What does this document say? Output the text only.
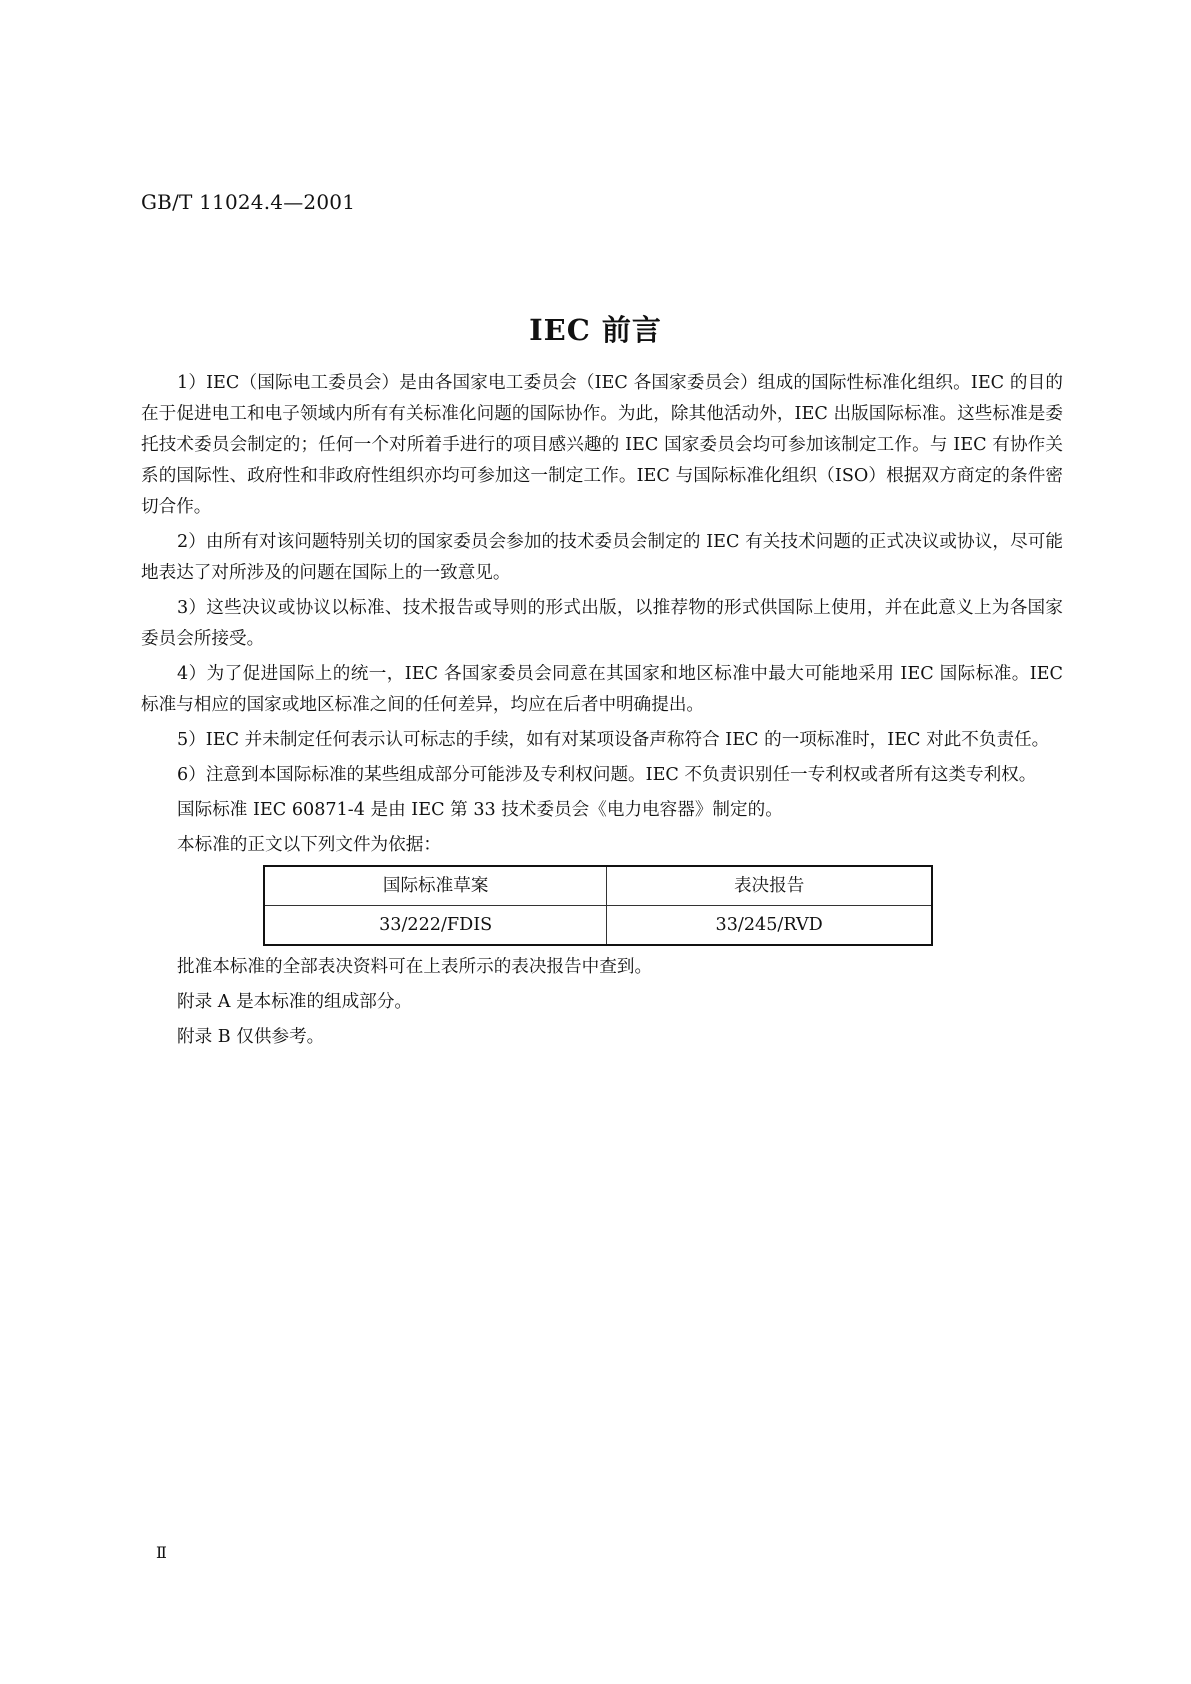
GB/T 11024.4—2001
IEC 前言

1）IEC（国际电工委员会）是由各国家电工委员会（IEC 各国家委员会）组成的国际性标准化组织。IEC 的目的在于促进电工和电子领域内所有有关标准化问题的国际协作。为此，除其他活动外，IEC 出版国际标准。这些标准是委托技术委员会制定的；任何一个对所着手进行的项目感兴趣的 IEC 国家委员会均可参加该制定工作。与 IEC 有协作关系的国际性、政府性和非政府性组织亦均可参加这一制定工作。IEC 与国际标准化组织（ISO）根据双方商定的条件密切合作。

2）由所有对该问题特别关切的国家委员会参加的技术委员会制定的 IEC 有关技术问题的正式决议或协议，尽可能地表达了对所涉及的问题在国际上的一致意见。

3）这些决议或协议以标准、技术报告或导则的形式出版，以推荐物的形式供国际上使用，并在此意义上为各国家委员会所接受。

4）为了促进国际上的统一，IEC 各国家委员会同意在其国家和地区标准中最大可能地采用 IEC 国际标准。IEC 标准与相应的国家或地区标准之间的任何差异，均应在后者中明确提出。

5）IEC 并未制定任何表示认可标志的手续，如有对某项设备声称符合 IEC 的一项标准时，IEC 对此不负责任。

6）注意到本国际标准的某些组成部分可能涉及专利权问题。IEC 不负责识别任一专利权或者所有这类专利权。

国际标准 IEC 60871-4 是由 IEC 第 33 技术委员会《电力电容器》制定的。

本标准的正文以下列文件为依据：

国际标准草案	表决报告
33/222/FDIS	33/245/RVD

批准本标准的全部表决资料可在上表所示的表决报告中查到。

附录 A 是本标准的组成部分。

附录 B 仅供参考。

Ⅱ
